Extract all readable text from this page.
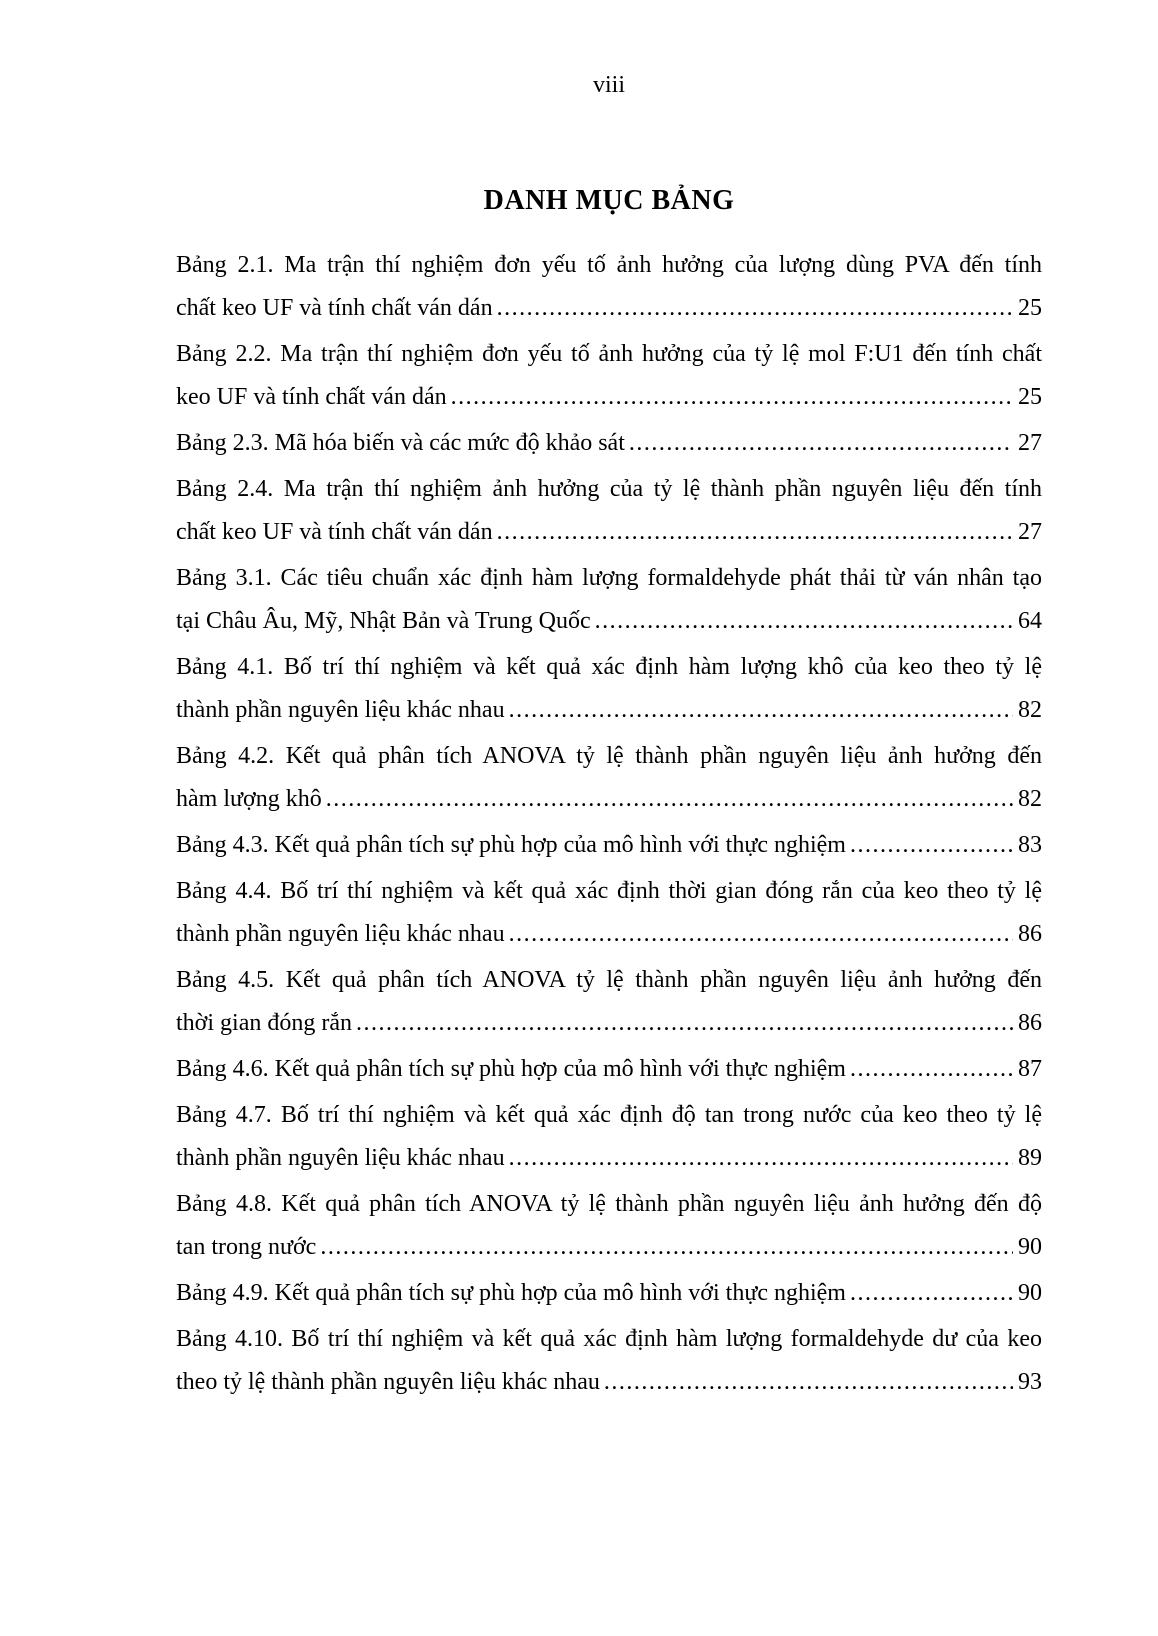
viii
DANH MỤC BẢNG
Bảng 2.1. Ma trận thí nghiệm đơn yếu tố ảnh hưởng của lượng dùng PVA đến tính
chất keo UF và tính chất ván dán .....	25
Bảng 2.2. Ma trận thí nghiệm đơn yếu tố ảnh hưởng của tỷ lệ mol F:U1 đến tính chất
keo UF và tính chất ván dán .....	25
Bảng 2.3. Mã hóa biến và các mức độ khảo sát .....	27
Bảng 2.4. Ma trận thí nghiệm ảnh hưởng của tỷ lệ thành phần nguyên liệu đến tính
chất keo UF và tính chất ván dán .....	27
Bảng 3.1. Các tiêu chuẩn xác định hàm lượng formaldehyde phát thải từ ván nhân tạo
tại Châu Âu, Mỹ, Nhật Bản và Trung Quốc .....	64
Bảng 4.1. Bố trí thí nghiệm và kết quả xác định hàm lượng khô của keo theo tỷ lệ
thành phần nguyên liệu khác nhau .....	82
Bảng 4.2. Kết quả phân tích ANOVA tỷ lệ thành phần nguyên liệu ảnh hưởng đến
hàm lượng khô .....	82
Bảng 4.3. Kết quả phân tích sự phù hợp của mô hình với thực nghiệm .....	83
Bảng 4.4. Bố trí thí nghiệm và kết quả xác định thời gian đóng rắn của keo theo tỷ lệ
thành phần nguyên liệu khác nhau .....	86
Bảng 4.5. Kết quả phân tích ANOVA tỷ lệ thành phần nguyên liệu ảnh hưởng đến
thời gian đóng rắn .....	86
Bảng 4.6. Kết quả phân tích sự phù hợp của mô hình với thực nghiệm .....	87
Bảng 4.7. Bố trí thí nghiệm và kết quả xác định độ tan trong nước của keo theo tỷ lệ
thành phần nguyên liệu khác nhau .....	89
Bảng 4.8. Kết quả phân tích ANOVA tỷ lệ thành phần nguyên liệu ảnh hưởng đến độ
tan trong nước .....	90
Bảng 4.9. Kết quả phân tích sự phù hợp của mô hình với thực nghiệm .....	90
Bảng 4.10. Bố trí thí nghiệm và kết quả xác định hàm lượng formaldehyde dư của keo
theo tỷ lệ thành phần nguyên liệu khác nhau .....	93
